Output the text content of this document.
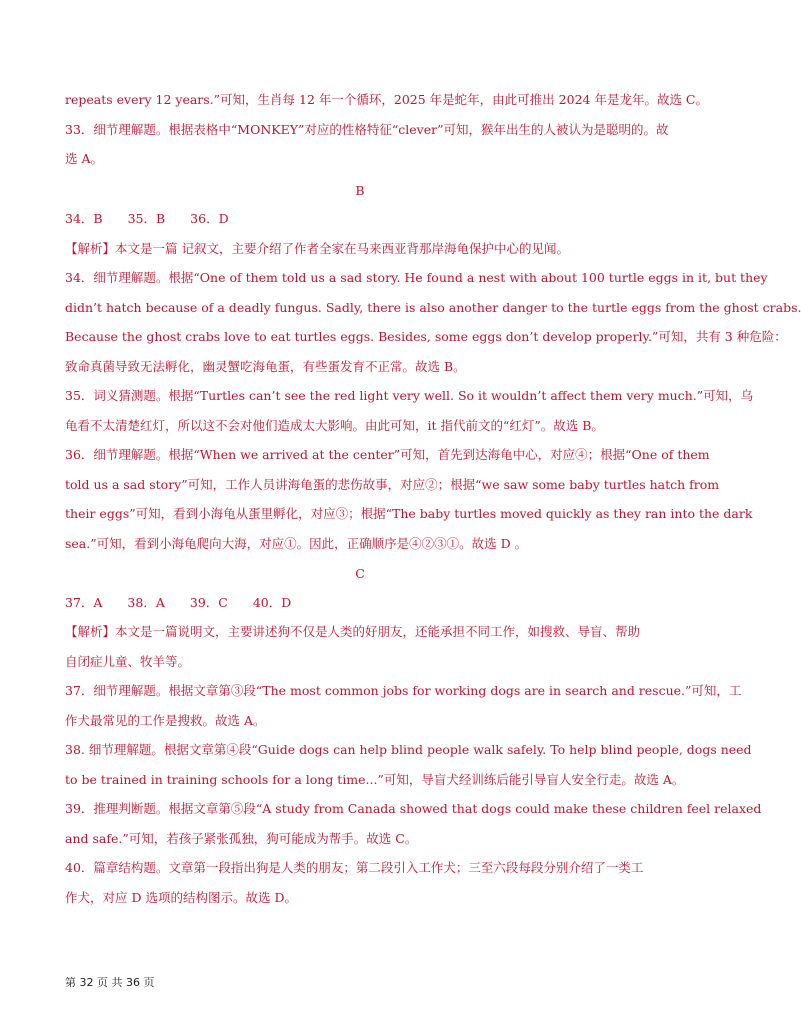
repeats every 12 years.”可知，生肖每 12 年一个循环，2025 年是蛇年，由此可推出 2024 年是龙年。故选 C。
33．细节理解题。根据表格中“MONKEY”对应的性格特征“clever”可知，猴年出生的人被认为是聪明的。故
选 A。
B
34．B　　35．B　　36．D
【解析】本文是一篇 记叙文，主要介绍了作者全家在马来西亚背那岸海龟保护中心的见闻。
34．细节理解题。根据“One of them told us a sad story. He found a nest with about 100 turtle eggs in it, but they
didn’t hatch because of a deadly fungus. Sadly, there is also another danger to the turtle eggs from the ghost crabs.
Because the ghost crabs love to eat turtles eggs. Besides, some eggs don’t develop properly.”可知，共有 3 种危险：
致命真菌导致无法孵化，幽灵蟹吃海龟蛋，有些蛋发育不正常。故选 B。
35．词义猜测题。根据“Turtles can’t see the red light very well. So it wouldn’t affect them very much.”可知，乌
龟看不太清楚红灯，所以这不会对他们造成太大影响。由此可知，it 指代前文的“红灯”。故选 B。
36．细节理解题。根据“When we arrived at the center”可知，首先到达海龟中心，对应④；根据“One of them
told us a sad story”可知，工作人员讲海龟蛋的悲伤故事，对应②；根据“we saw some baby turtles hatch from
their eggs”可知，看到小海龟从蛋里孵化，对应③；根据“The baby turtles moved quickly as they ran into the dark
sea.”可知，看到小海龟爬向大海，对应①。因此，正确顺序是④②③①。故选 D 。
C
37．A　　38．A　　39．C　　40．D
【解析】本文是一篇说明文，主要讲述狗不仅是人类的好朋友，还能承担不同工作，如搜救、导盲、帮助
自闭症儿童、牧羊等。
37．细节理解题。根据文章第③段“The most common jobs for working dogs are in search and rescue.”可知，工
作犬最常见的工作是搜救。故选 A。
38. 细节理解题。根据文章第④段“Guide dogs can help blind people walk safely. To help blind people, dogs need
to be trained in training schools for a long time...”可知，导盲犬经训练后能引导盲人安全行走。故选 A。
39．推理判断题。根据文章第⑤段“A study from Canada showed that dogs could make these children feel relaxed
and safe.”可知，若孩子紧张孤独，狗可能成为帮手。故选 C。
40．篇章结构题。文章第一段指出狗是人类的朋友；第二段引入工作犬；三至六段每段分别介绍了一类工
作犬，对应 D 选项的结构图示。故选 D。
第 32 页 共 36 页
